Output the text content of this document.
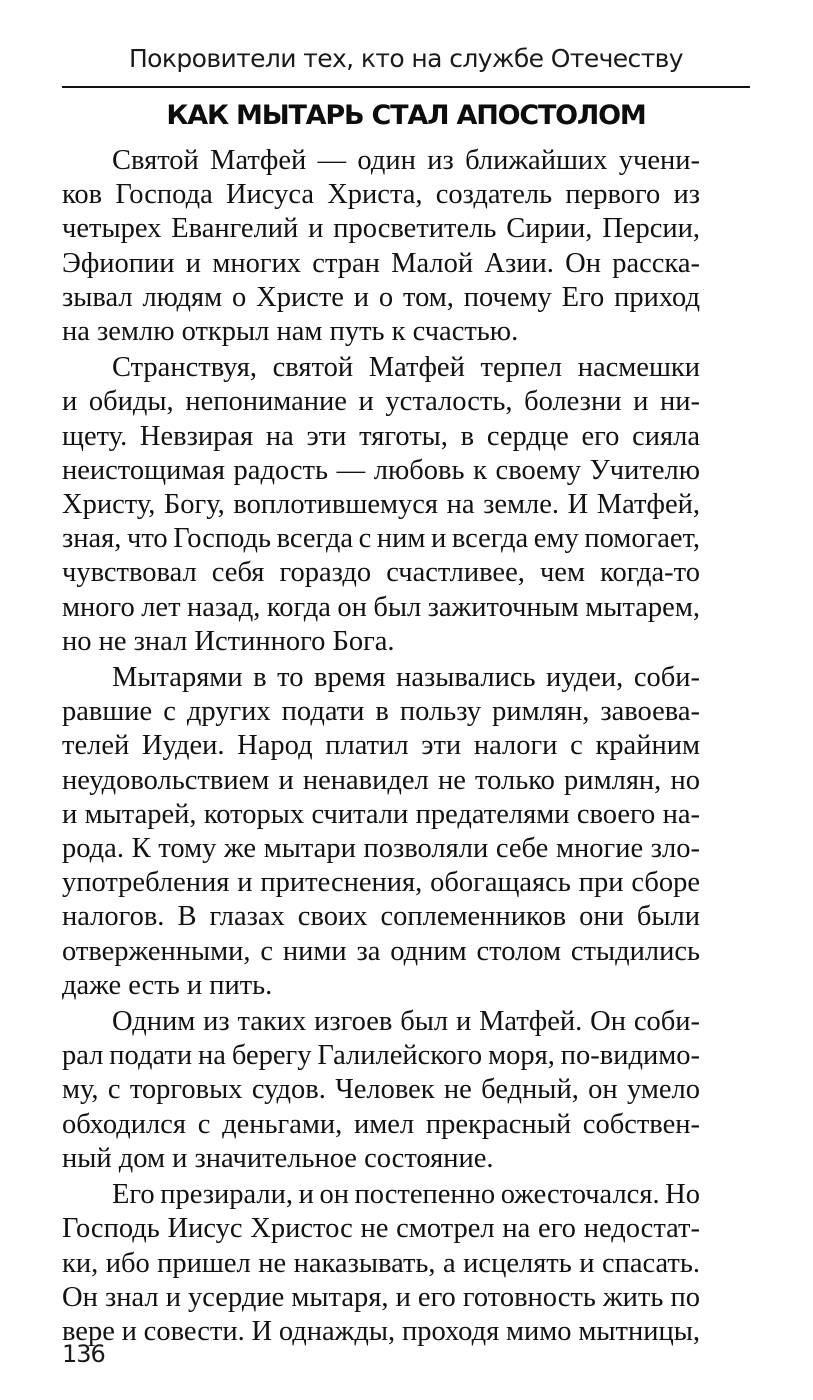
Покровители тех, кто на службе Отечеству
КАК МЫТАРЬ СТАЛ АПОСТОЛОМ
Святой Матфей — один из ближайших учени-
ков Господа Иисуса Христа, создатель первого из
четырех Евангелий и просветитель Сирии, Персии,
Эфиопии и многих стран Малой Азии. Он расска-
зывал людям о Христе и о том, почему Его приход
на землю открыл нам путь к счастью.
Странствуя, святой Матфей терпел насмешки
и обиды, непонимание и усталость, болезни и ни-
щету. Невзирая на эти тяготы, в сердце его сияла
неистощимая радость — любовь к своему Учителю
Христу, Богу, воплотившемуся на земле. И Матфей,
зная, что Господь всегда с ним и всегда ему помогает,
чувствовал себя гораздо счастливее, чем когда-то
много лет назад, когда он был зажиточным мытарем,
но не знал Истинного Бога.
Мытарями в то время назывались иудеи, соби-
равшие с других подати в пользу римлян, завоева-
телей Иудеи. Народ платил эти налоги с крайним
неудовольствием и ненавидел не только римлян, но
и мытарей, которых считали предателями своего на-
рода. К тому же мытари позволяли себе многие зло-
употребления и притеснения, обогащаясь при сборе
налогов. В глазах своих соплеменников они были
отверженными, с ними за одним столом стыдились
даже есть и пить.
Одним из таких изгоев был и Матфей. Он соби-
рал подати на берегу Галилейского моря, по-видимо-
му, с торговых судов. Человек не бедный, он умело
обходился с деньгами, имел прекрасный собствен-
ный дом и значительное состояние.
Его презирали, и он постепенно ожесточался. Но
Господь Иисус Христос не смотрел на его недостат-
ки, ибо пришел не наказывать, а исцелять и спасать.
Он знал и усердие мытаря, и его готовность жить по
вере и совести. И однажды, проходя мимо мытницы,
136
